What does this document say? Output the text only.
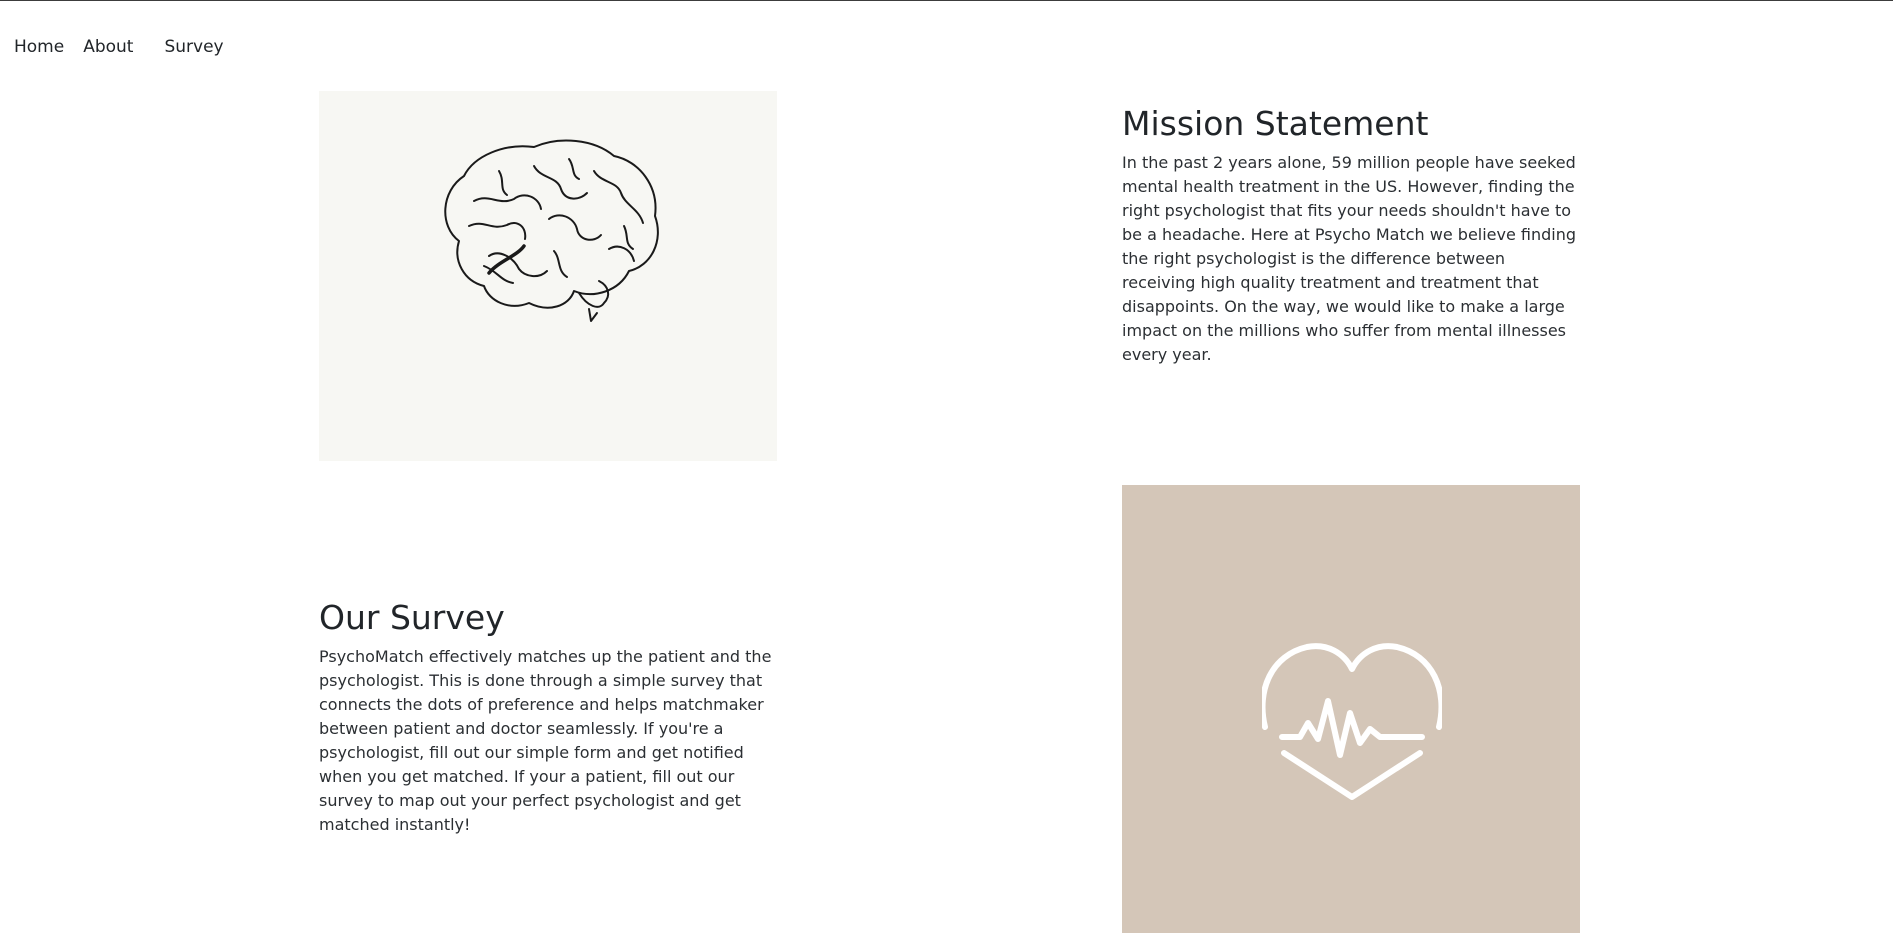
Home About Survey
Mission Statement

In the past 2 years alone, 59 million people have seeked mental health treatment in the US. However, finding the right psychologist that fits your needs shouldn't have to be a headache. Here at Psycho Match we believe finding the right psychologist is the difference between receiving high quality treatment and treatment that disappoints. On the way, we would like to make a large impact on the millions who suffer from mental illnesses every year.

Our Survey

PsychoMatch effectively matches up the patient and the psychologist. This is done through a simple survey that connects the dots of preference and helps matchmaker between patient and doctor seamlessly. If you're a psychologist, fill out our simple form and get notified when you get matched. If your a patient, fill out our survey to map out your perfect psychologist and get matched instantly!
